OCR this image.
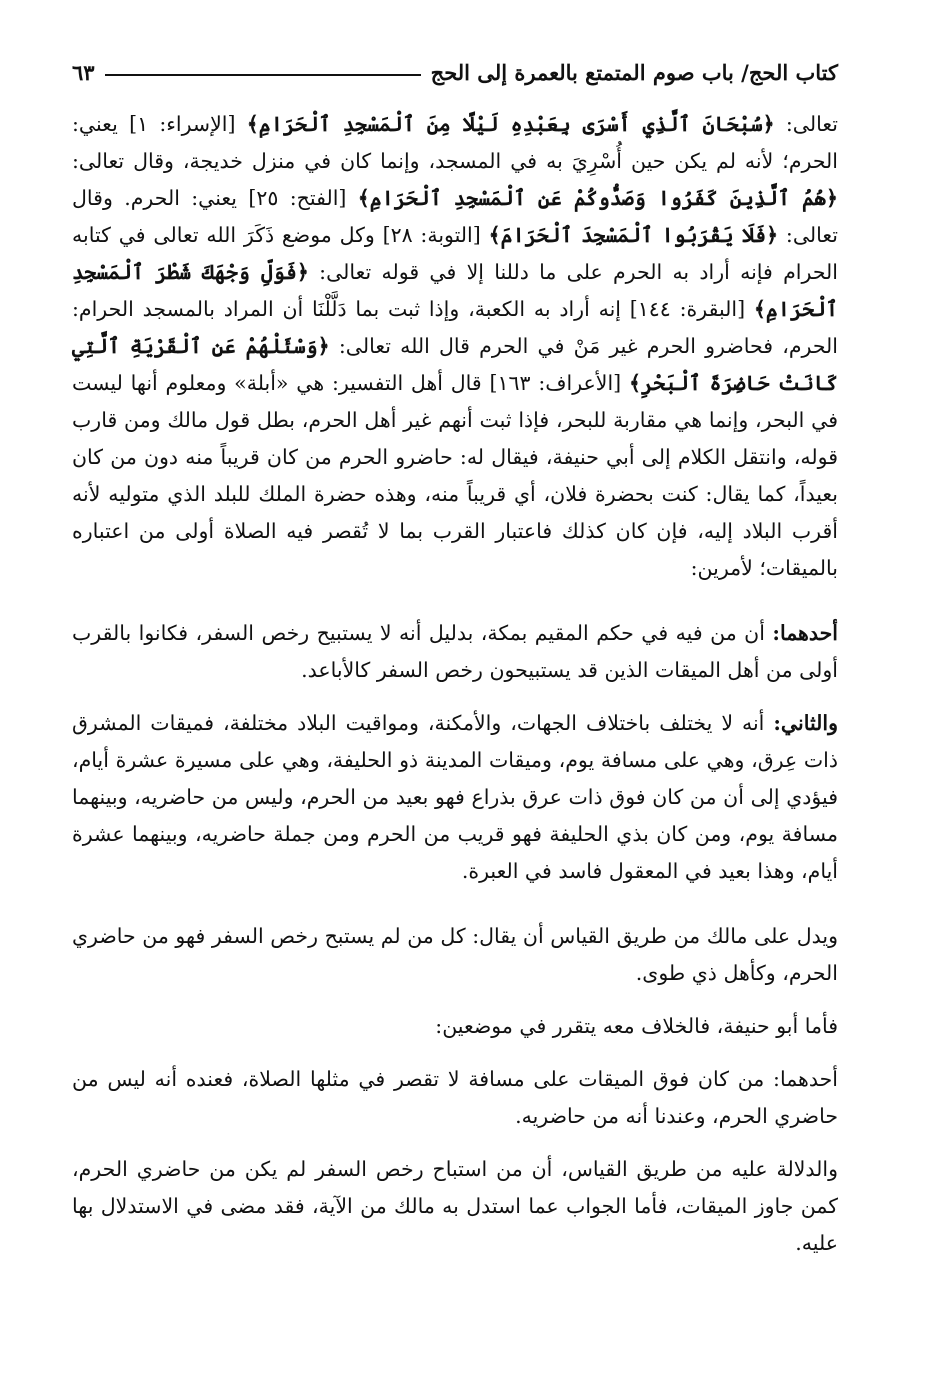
كتاب الحج/ باب صوم المتمتع بالعمرة إلى الحج
٦٣

تعالى: ﴿سُبْحَانَ ٱلَّذِي أَسْرَى بِعَبْدِهِ لَيْلًا مِنَ ٱلْمَسْجِدِ ٱلْحَرَامِ﴾ [الإسراء: ١] يعني: الحرم؛ لأنه لم يكن حين أُسْرِيَ به في المسجد، وإنما كان في منزل خديجة، وقال تعالى: ﴿هُمُ ٱلَّذِينَ كَفَرُوا وَصَدُّوكُمْ عَنِ ٱلْمَسْجِدِ ٱلْحَرَامِ﴾ [الفتح: ٢٥] يعني: الحرم. وقال تعالى: ﴿فَلَا يَقْرَبُوا ٱلْمَسْجِدَ ٱلْحَرَامَ﴾ [التوبة: ٢٨] وكل موضع ذَكَرَ الله تعالى في كتابه الحرام فإنه أراد به الحرم على ما دللنا إلا في قوله تعالى: ﴿فَوَلِّ وَجْهَكَ شَطْرَ ٱلْمَسْجِدِ ٱلْحَرَامِ﴾ [البقرة: ١٤٤] إنه أراد به الكعبة، وإذا ثبت بما دَلَّلْنَا أن المراد بالمسجد الحرام: الحرم، فحاضرو الحرم غير مَنْ في الحرم قال الله تعالى: ﴿وَسْئَلْهُمْ عَنِ ٱلْقَرْيَةِ ٱلَّتِي كَانَتْ حَاضِرَةَ ٱلْبَحْرِ﴾ [الأعراف: ١٦٣] قال أهل التفسير: هي «أبلة» ومعلوم أنها ليست في البحر، وإنما هي مقاربة للبحر، فإذا ثبت أنهم غير أهل الحرم، بطل قول مالك ومن قارب قوله، وانتقل الكلام إلى أبي حنيفة، فيقال له: حاضرو الحرم من كان قريباً منه دون من كان بعيداً، كما يقال: كنت بحضرة فلان، أي قريباً منه، وهذه حضرة الملك للبلد الذي متوليه لأنه أقرب البلاد إليه، فإن كان كذلك فاعتبار القرب بما لا تُقصر فيه الصلاة أولى من اعتباره بالميقات؛ لأمرين:

أحدهما: أن من فيه في حكم المقيم بمكة، بدليل أنه لا يستبيح رخص السفر، فكانوا بالقرب أولى من أهل الميقات الذين قد يستبيحون رخص السفر كالأباعد.

والثاني: أنه لا يختلف باختلاف الجهات، والأمكنة، ومواقيت البلاد مختلفة، فميقات المشرق ذات عِرق، وهي على مسافة يوم، وميقات المدينة ذو الحليفة، وهي على مسيرة عشرة أيام، فيؤدي إلى أن من كان فوق ذات عرق بذراع فهو بعيد من الحرم، وليس من حاضريه، وبينهما مسافة يوم، ومن كان بذي الحليفة فهو قريب من الحرم ومن جملة حاضريه، وبينهما عشرة أيام، وهذا بعيد في المعقول فاسد في العبرة.

ويدل على مالك من طريق القياس أن يقال: كل من لم يستبح رخص السفر فهو من حاضري الحرم، وكأهل ذي طوى.

فأما أبو حنيفة، فالخلاف معه يتقرر في موضعين:

أحدهما: من كان فوق الميقات على مسافة لا تقصر في مثلها الصلاة، فعنده أنه ليس من حاضري الحرم، وعندنا أنه من حاضريه.

والدلالة عليه من طريق القياس، أن من استباح رخص السفر لم يكن من حاضري الحرم، كمن جاوز الميقات، فأما الجواب عما استدل به مالك من الآية، فقد مضى في الاستدلال بها عليه.
